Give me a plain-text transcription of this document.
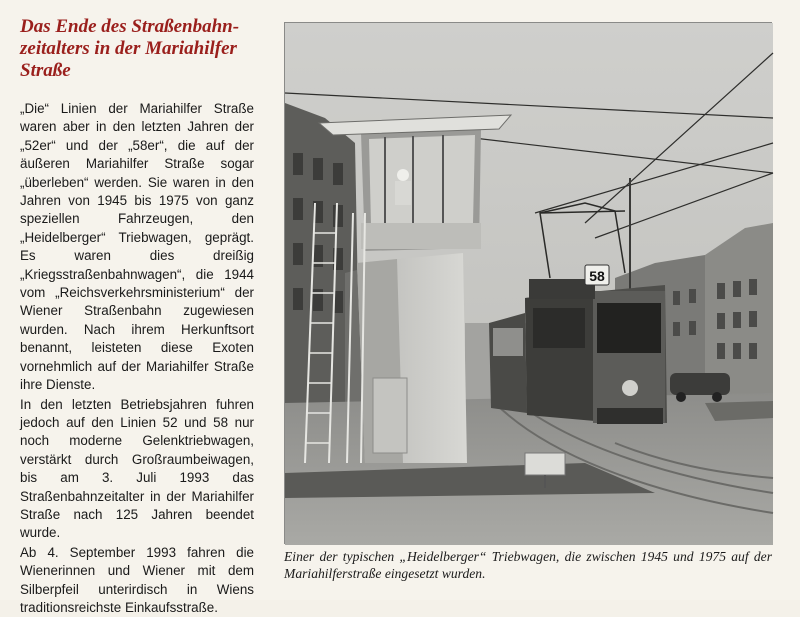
Das Ende des Straßenbahn-
zeitalters in der Mariahilfer
Straße

„Die“ Linien der Mariahilfer Straße waren aber in den letzten Jahren der „52er“ und der „58er“, die auf der äußeren Mariahilfer Straße sogar „überleben“ werden. Sie waren in den Jahren von 1945 bis 1975 von ganz speziellen Fahrzeugen, den „Heidelberger“ Triebwagen, geprägt. Es waren dies dreißig „Kriegsstraßenbahnwagen“, die 1944 vom „Reichsverkehrsministerium“ der Wiener Straßenbahn zugewiesen wurden. Nach ihrem Herkunftsort benannt, leisteten diese Exoten vornehmlich auf der Mariahilfer Straße ihre Dienste.

In den letzten Betriebsjahren fuhren jedoch auf den Linien 52 und 58 nur noch moderne Gelenktriebwagen, verstärkt durch Großraumbeiwagen, bis am 3. Juli 1993 das Straßenbahnzeitalter in der Mariahilfer Straße nach 125 Jahren beendet wurde.

Ab 4. September 1993 fahren die Wienerinnen und Wiener mit dem Silberpfeil unterirdisch in Wiens traditionsreichste Einkaufsstraße.

58

Einer der typischen „Heidelberger“ Triebwagen, die zwischen 1945 und 1975 auf der Mariahilferstraße eingesetzt wurden.
